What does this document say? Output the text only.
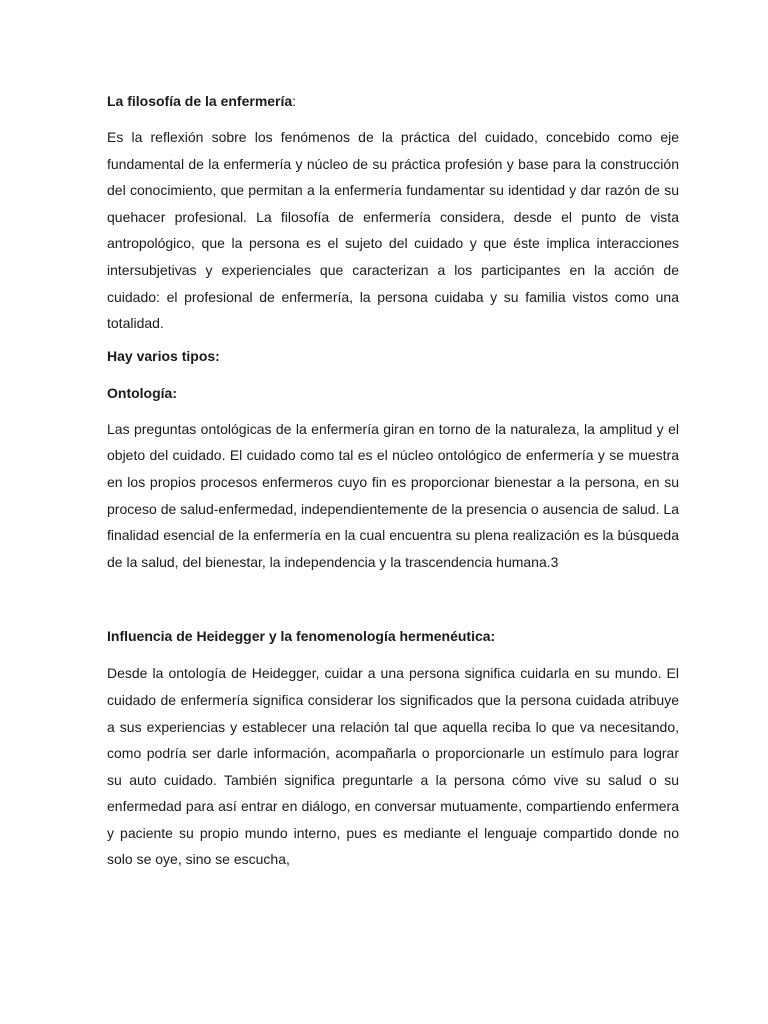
La filosofía de la enfermería:

Es la reflexión sobre los fenómenos de la práctica del cuidado, concebido como eje fundamental de la enfermería y núcleo de su práctica profesión y base para la construcción del conocimiento, que permitan a la enfermería fundamentar su identidad y dar razón de su quehacer profesional. La filosofía de enfermería considera, desde el punto de vista antropológico, que la persona es el sujeto del cuidado y que éste implica interacciones intersubjetivas y experienciales que caracterizan a los participantes en la acción de cuidado: el profesional de enfermería, la persona cuidaba y su familia vistos como una totalidad.

Hay varios tipos:

Ontología:

Las preguntas ontológicas de la enfermería giran en torno de la naturaleza, la amplitud y el objeto del cuidado. El cuidado como tal es el núcleo ontológico de enfermería y se muestra en los propios procesos enfermeros cuyo fin es proporcionar bienestar a la persona, en su proceso de salud-enfermedad, independientemente de la presencia o ausencia de salud. La finalidad esencial de la enfermería en la cual encuentra su plena realización es la búsqueda de la salud, del bienestar, la independencia y la trascendencia humana.3

Influencia de Heidegger y la fenomenología hermenéutica:

Desde la ontología de Heidegger, cuidar a una persona significa cuidarla en su mundo. El cuidado de enfermería significa considerar los significados que la persona cuidada atribuye a sus experiencias y establecer una relación tal que aquella reciba lo que va necesitando, como podría ser darle información, acompañarla o proporcionarle un estímulo para lograr su auto cuidado. También significa preguntarle a la persona cómo vive su salud o su enfermedad para así entrar en diálogo, en conversar mutuamente, compartiendo enfermera y paciente su propio mundo interno, pues es mediante el lenguaje compartido donde no solo se oye, sino se escucha,
